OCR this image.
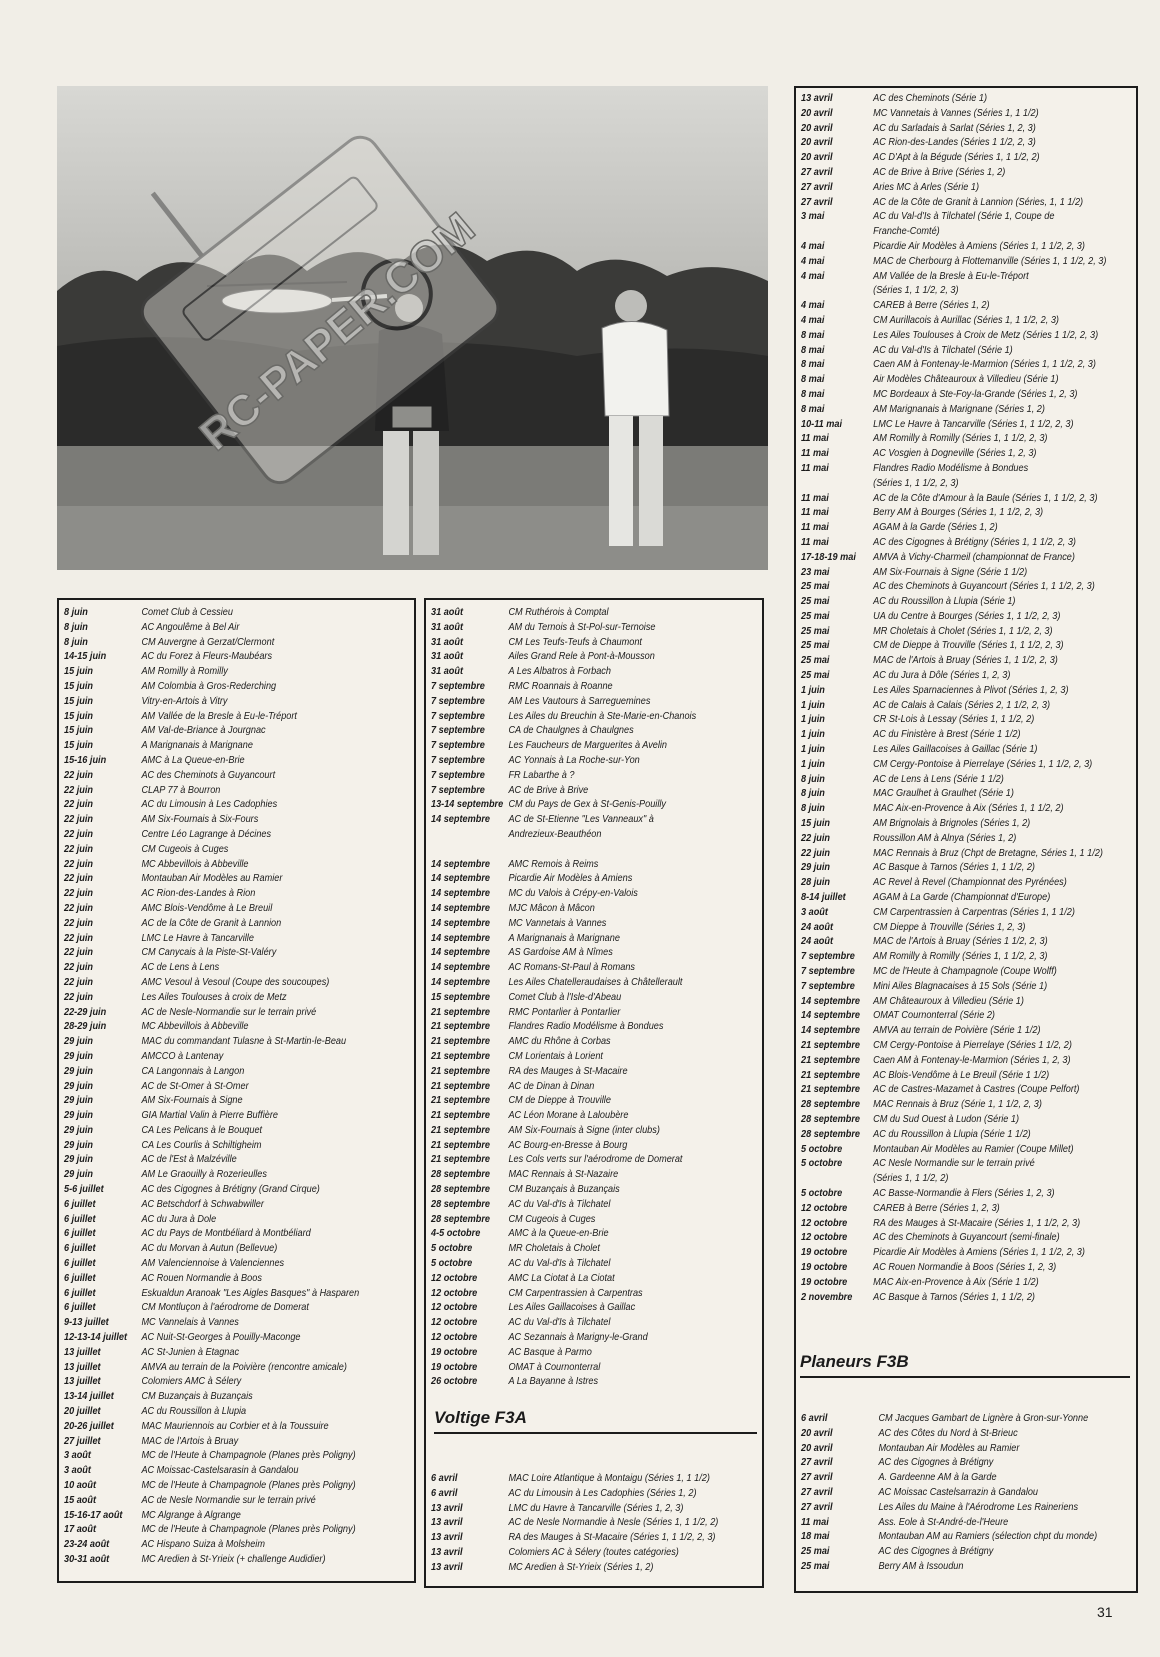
RC-PAPER.COM
8 juin	Comet Club à Cessieu
8 juin	AC Angoulême à Bel Air
8 juin	CM Auvergne à Gerzat/Clermont
14-15 juin	AC du Forez à Fleurs-Maubéars
15 juin	AM Romilly à Romilly
15 juin	AM Colombia à Gros-Rederching
15 juin	Vitry-en-Artois à Vitry
15 juin	AM Vallée de la Bresle à Eu-le-Tréport
15 juin	AM Val-de-Briance à Jourgnac
15 juin	A Marignanais à Marignane
15-16 juin	AMC à La Queue-en-Brie
22 juin	AC des Cheminots à Guyancourt
22 juin	CLAP 77 à Bourron
22 juin	AC du Limousin à Les Cadophies
22 juin	AM Six-Fournais à Six-Fours
22 juin	Centre Léo Lagrange à Décines
22 juin	CM Cugeois à Cuges
22 juin	MC Abbevillois à Abbeville
22 juin	Montauban Air Modèles au Ramier
22 juin	AC Rion-des-Landes à Rion
22 juin	AMC Blois-Vendôme à Le Breuil
22 juin	AC de la Côte de Granit à Lannion
22 juin	LMC Le Havre à Tancarville
22 juin	CM Canycais à la Piste-St-Valéry
22 juin	AC de Lens à Lens
22 juin	AMC Vesoul à Vesoul (Coupe des soucoupes)
22 juin	Les Ailes Toulouses à croix de Metz
22-29 juin	AC de Nesle-Normandie sur le terrain privé
28-29 juin	MC Abbevillois à Abbeville
29 juin	MAC du commandant Tulasne à St-Martin-le-Beau
29 juin	AMCCO à Lantenay
29 juin	CA Langonnais à Langon
29 juin	AC de St-Omer à St-Omer
29 juin	AM Six-Fournais à Signe
29 juin	GIA Martial Valin à Pierre Buffière
29 juin	CA Les Pelicans à le Bouquet
29 juin	CA Les Courlis à Schiltigheim
29 juin	AC de l'Est à Malzéville
29 juin	AM Le Graouilly à Rozerieulles
5-6 juillet	AC des Cigognes à Brétigny (Grand Cirque)
6 juillet	AC Betschdorf à Schwabwiller
6 juillet	AC du Jura à Dole
6 juillet	AC du Pays de Montbéliard à Montbéliard
6 juillet	AC du Morvan à Autun (Bellevue)
6 juillet	AM Valenciennoise à Valenciennes
6 juillet	AC Rouen Normandie à Boos
6 juillet	Eskualdun Aranoak "Les Aigles Basques" à Hasparen
6 juillet	CM Montluçon à l'aérodrome de Domerat
9-13 juillet	MC Vannelais à Vannes
12-13-14 juillet	AC Nuit-St-Georges à Pouilly-Maconge
13 juillet	AC St-Junien à Etagnac
13 juillet	AMVA au terrain de la Poivière (rencontre amicale)
13 juillet	Colomiers AMC à Sélery
13-14 juillet	CM Buzançais à Buzançais
20 juillet	AC du Roussillon à Llupia
20-26 juillet	MAC Mauriennois au Corbier et à la Toussuire
27 juillet	MAC de l'Artois à Bruay
3 août	MC de l'Heute à Champagnole (Planes près Poligny)
3 août	AC Moissac-Castelsarasin à Gandalou
10 août	MC de l'Heute à Champagnole (Planes près Poligny)
15 août	AC de Nesle Normandie sur le terrain privé
15-16-17 août	MC Algrange à Algrange
17 août	MC de l'Heute à Champagnole (Planes près Poligny)
23-24 août	AC Hispano Suiza à Molsheim
30-31 août	MC Aredien à St-Yrieix (+ challenge Audidier)
31 août	CM Ruthérois à Comptal
31 août	AM du Ternois à St-Pol-sur-Ternoise
31 août	CM Les Teufs-Teufs à Chaumont
31 août	Ailes Grand Rele à Pont-à-Mousson
31 août	A Les Albatros à Forbach
7 septembre	RMC Roannais à Roanne
7 septembre	AM Les Vautours à Sarreguemines
7 septembre	Les Ailes du Breuchin à Ste-Marie-en-Chanois
7 septembre	CA de Chaulgnes à Chaulgnes
7 septembre	Les Faucheurs de Marguerites à Avelin
7 septembre	AC Yonnais à La Roche-sur-Yon
7 septembre	FR Labarthe à ?
7 septembre	AC de Brive à Brive
13-14 septembre CM du Pays de Gex à St-Genis-Pouilly
14 septembre	AC de St-Etienne "Les Vanneaux" à
Andrezieux-Beauthéon

14 septembre	AMC Remois à Reims
14 septembre	Picardie Air Modèles à Amiens
14 septembre	MC du Valois à Crépy-en-Valois
14 septembre	MJC Mâcon à Mâcon
14 septembre	MC Vannetais à Vannes
14 septembre	A Marignanais à Marignane
14 septembre	AS Gardoise AM à Nîmes
14 septembre	AC Romans-St-Paul à Romans
14 septembre	Les Ailes Chatelleraudaises à Châtellerault
15 septembre	Comet Club à l'Isle-d'Abeau
21 septembre	RMC Pontarlier à Pontarlier
21 septembre	Flandres Radio Modélisme à Bondues
21 septembre	AMC du Rhône à Corbas
21 septembre	CM Lorientais à Lorient
21 septembre	RA des Mauges à St-Macaire
21 septembre	AC de Dinan à Dinan
21 septembre	CM de Dieppe à Trouville
21 septembre	AC Léon Morane à Laloubère
21 septembre	AM Six-Fournais à Signe (inter clubs)
21 septembre	AC Bourg-en-Bresse à Bourg
21 septembre	Les Cols verts sur l'aérodrome de Domerat
28 septembre	MAC Rennais à St-Nazaire
28 septembre	CM Buzançais à Buzançais
28 septembre	AC du Val-d'Is à Tilchatel
28 septembre	CM Cugeois à Cuges
4-5 octobre	AMC à la Queue-en-Brie
5 octobre	MR Choletais à Cholet
5 octobre	AC du Val-d'Is à Tilchatel
12 octobre	AMC La Ciotat à La Ciotat
12 octobre	CM Carpentrassien à Carpentras
12 octobre	Les Ailes Gaillacoises à Gaillac
12 octobre	AC du Val-d'Is à Tilchatel
12 octobre	AC Sezannais à Marigny-le-Grand
19 octobre	AC Basque à Parmo
19 octobre	OMAT à Cournonterral
26 octobre	A La Bayanne à Istres
Voltige F3A
6 avril	MAC Loire Atlantique à Montaigu (Séries 1, 1 1/2)
6 avril	AC du Limousin à Les Cadophies (Séries 1, 2)
13 avril	LMC du Havre à Tancarville (Séries 1, 2, 3)
13 avril	AC de Nesle Normandie à Nesle (Séries 1, 1 1/2, 2)
13 avril	RA des Mauges à St-Macaire (Séries 1, 1 1/2, 2, 3)
13 avril	Colomiers AC à Sélery (toutes catégories)
13 avril	MC Aredien à St-Yrieix (Séries 1, 2)
13 avril	AC des Cheminots (Série 1)
20 avril	MC Vannetais à Vannes (Séries 1, 1 1/2)
20 avril	AC du Sarladais à Sarlat (Séries 1, 2, 3)
20 avril	AC Rion-des-Landes (Séries 1 1/2, 2, 3)
20 avril	AC D'Apt à la Bégude (Séries 1, 1 1/2, 2)
27 avril	AC de Brive à Brive (Séries 1, 2)
27 avril	Aries MC à Arles (Série 1)
27 avril	AC de la Côte de Granit à Lannion (Séries, 1, 1 1/2)
3 mai	AC du Val-d'Is à Tilchatel (Série 1, Coupe de
Franche-Comté)
4 mai	Picardie Air Modèles à Amiens (Séries 1, 1 1/2, 2, 3)
4 mai	MAC de Cherbourg à Flottemanville (Séries 1, 1 1/2, 2, 3)
4 mai	AM Vallée de la Bresle à Eu-le-Tréport
(Séries 1, 1 1/2, 2, 3)
4 mai	CAREB à Berre (Séries 1, 2)
4 mai	CM Aurillacois à Aurillac (Séries 1, 1 1/2, 2, 3)
8 mai	Les Ailes Toulouses à Croix de Metz (Séries 1 1/2, 2, 3)
8 mai	AC du Val-d'Is à Tilchatel (Série 1)
8 mai	Caen AM à Fontenay-le-Marmion (Séries 1, 1 1/2, 2, 3)
8 mai	Air Modèles Châteauroux à Villedieu (Série 1)
8 mai	MC Bordeaux à Ste-Foy-la-Grande (Séries 1, 2, 3)
8 mai	AM Marignanais à Marignane (Séries 1, 2)
10-11 mai	LMC Le Havre à Tancarville (Séries 1, 1 1/2, 2, 3)
11 mai	AM Romilly à Romilly (Séries 1, 1 1/2, 2, 3)
11 mai	AC Vosgien à Dogneville (Séries 1, 2, 3)
11 mai	Flandres Radio Modélisme à Bondues
(Séries 1, 1 1/2, 2, 3)
11 mai	AC de la Côte d'Amour à la Baule (Séries 1, 1 1/2, 2, 3)
11 mai	Berry AM à Bourges (Séries 1, 1 1/2, 2, 3)
11 mai	AGAM à la Garde (Séries 1, 2)
11 mai	AC des Cigognes à Brétigny (Séries 1, 1 1/2, 2, 3)
17-18-19 mai	AMVA à Vichy-Charmeil (championnat de France)
23 mai	AM Six-Fournais à Signe (Série 1 1/2)
25 mai	AC des Cheminots à Guyancourt (Séries 1, 1 1/2, 2, 3)
25 mai	AC du Roussillon à Llupia (Série 1)
25 mai	UA du Centre à Bourges (Séries 1, 1 1/2, 2, 3)
25 mai	MR Choletais à Cholet (Séries 1, 1 1/2, 2, 3)
25 mai	CM de Dieppe à Trouville (Séries 1, 1 1/2, 2, 3)
25 mai	MAC de l'Artois à Bruay (Séries 1, 1 1/2, 2, 3)
25 mai	AC du Jura à Dôle (Séries 1, 2, 3)
1 juin	Les Ailes Sparnaciennes à Plivot (Séries 1, 2, 3)
1 juin	AC de Calais à Calais (Séries 2, 1 1/2, 2, 3)
1 juin	CR St-Lois à Lessay (Séries 1, 1 1/2, 2)
1 juin	AC du Finistère à Brest (Série 1 1/2)
1 juin	Les Ailes Gaillacoises à Gaillac (Série 1)
1 juin	CM Cergy-Pontoise à Pierrelaye (Séries 1, 1 1/2, 2, 3)
8 juin	AC de Lens à Lens (Série 1 1/2)
8 juin	MAC Graulhet à Graulhet (Série 1)
8 juin	MAC Aix-en-Provence à Aix (Séries 1, 1 1/2, 2)
15 juin	AM Brignolais à Brignoles (Séries 1, 2)
22 juin	Roussillon AM à Alnya (Séries 1, 2)
22 juin	MAC Rennais à Bruz (Chpt de Bretagne, Séries 1, 1 1/2)
29 juin	AC Basque à Tarnos (Séries 1, 1 1/2, 2)
28 juin	AC Revel à Revel (Championnat des Pyrénées)
8-14 juillet	AGAM à La Garde (Championnat d'Europe)
3 août	CM Carpentrassien à Carpentras (Séries 1, 1 1/2)
24 août	CM Dieppe à Trouville (Séries 1, 2, 3)
24 août	MAC de l'Artois à Bruay (Séries 1 1/2, 2, 3)
7 septembre	AM Romilly à Romilly (Séries 1, 1 1/2, 2, 3)
7 septembre	MC de l'Heute à Champagnole (Coupe Wolff)
7 septembre	Mini Ailes Blagnacaises à 15 Sols (Série 1)
14 septembre	AM Châteauroux à Villedieu (Série 1)
14 septembre	OMAT Cournonterral (Série 2)
14 septembre	AMVA au terrain de Poivière (Série 1 1/2)
21 septembre	CM Cergy-Pontoise à Pierrelaye (Séries 1 1/2, 2)
21 septembre	Caen AM à Fontenay-le-Marmion (Séries 1, 2, 3)
21 septembre	AC Blois-Vendôme à Le Breuil (Série 1 1/2)
21 septembre	AC de Castres-Mazamet à Castres (Coupe Pelfort)
28 septembre	MAC Rennais à Bruz (Série 1, 1 1/2, 2, 3)
28 septembre	CM du Sud Ouest à Ludon (Série 1)
28 septembre	AC du Roussillon à Llupia (Série 1 1/2)
5 octobre	Montauban Air Modèles au Ramier (Coupe Millet)
5 octobre	AC Nesle Normandie sur le terrain privé
(Séries 1, 1 1/2, 2)
5 octobre	AC Basse-Normandie à Flers (Séries 1, 2, 3)
12 octobre	CAREB à Berre (Séries 1, 2, 3)
12 octobre	RA des Mauges à St-Macaire (Séries 1, 1 1/2, 2, 3)
12 octobre	AC des Cheminots à Guyancourt (semi-finale)
19 octobre	Picardie Air Modèles à Amiens (Séries 1, 1 1/2, 2, 3)
19 octobre	AC Rouen Normandie à Boos (Séries 1, 2, 3)
19 octobre	MAC Aix-en-Provence à Aix (Série 1 1/2)
2 novembre	AC Basque à Tarnos (Séries 1, 1 1/2, 2)
Planeurs F3B
6 avril	CM Jacques Gambart de Lignère à Gron-sur-Yonne
20 avril	AC des Côtes du Nord à St-Brieuc
20 avril	Montauban Air Modèles au Ramier
27 avril	AC des Cigognes à Brétigny
27 avril	A. Gardeenne AM à la Garde
27 avril	AC Moissac Castelsarrazin à Gandalou
27 avril	Les Ailes du Maine à l'Aérodrome Les Raineriens
11 mai	Ass. Eole à St-André-de-l'Heure
18 mai	Montauban AM au Ramiers (sélection chpt du monde)
25 mai	AC des Cigognes à Brétigny
25 mai	Berry AM à Issoudun
31
